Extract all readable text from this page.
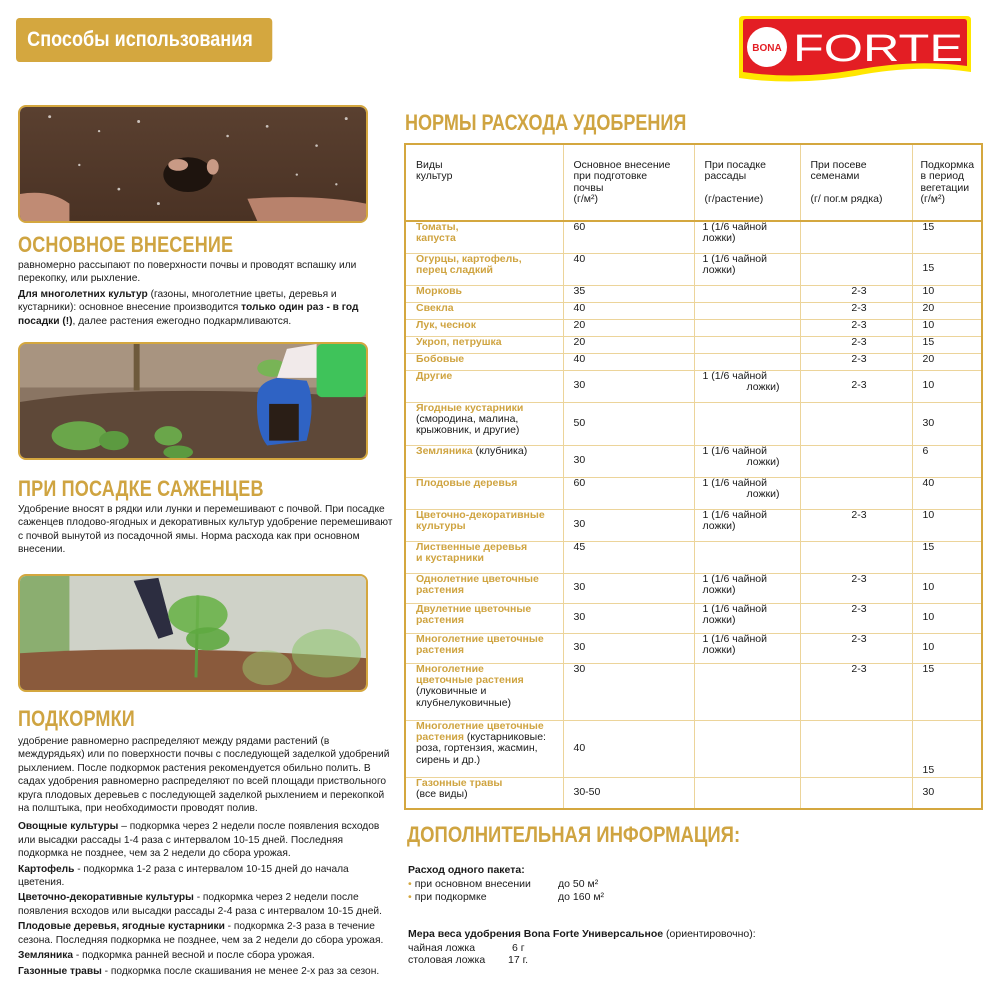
Способы использования	BONA FORTE
ОСНОВНОЕ ВНЕСЕНИЕ

равномерно рассыпают по поверхности почвы и проводят вспашку или перекопку, или рыхление.

Для многолетних культур (газоны, многолетние цветы, деревья и кустарники): основное внесение производится только один раз - в год посадки (!), далее растения ежегодно подкармливаются.

ПРИ ПОСАДКЕ САЖЕНЦЕВ

Удобрение вносят в рядки или лунки и перемешивают с почвой. При посадке саженцев плодово-ягодных и декоративных культур удобрение перемешивают с почвой вынутой из посадочной ямы. Норма расхода как при основном внесении.

ПОДКОРМКИ

удобрение равномерно распределяют между рядами растений (в междурядьях) или по поверхности почвы с последующей заделкой удобрений рыхлением. После подкормок растения рекомендуется обильно полить. В садах удобрения равномерно распределяют по всей площади приствольного круга плодовых деревьев с последующей заделкой рыхлением и перекопкой на полштыка, при необходимости проводят полив.

Овощные культуры – подкормка через 2 недели после появления всходов или высадки рассады 1-4 раза с интервалом 10-15 дней. Последняя подкормка не позднее, чем за 2 недели до сбора урожая.

Картофель - подкормка 1-2 раза с интервалом 10-15 дней до начала цветения.

Цветочно-декоративные культуры - подкормка через 2 недели после появления всходов или высадки рассады 2-4 раза с интервалом 10-15 дней.

Плодовые деревья, ягодные кустарники - подкормка 2-3 раза в течение сезона. Последняя подкормка не позднее, чем за 2 недели до сбора урожая.

Земляника - подкормка ранней весной и после сбора урожая.

Газонные травы - подкормка после скашивания не менее 2-х раз за сезон.

НОРМЫ РАСХОДА УДОБРЕНИЯ
Виды
культур	Основное внесение
при подготовке
почвы
(г/м²)	При посадке
рассады

(г/растение)	При посеве
семенами

(г/ пог.м рядка)	Подкормка
в период
вегетации
(г/м²)
Томаты,
капуста	60	1 (1/6 чайной
ложки)		15
Огурцы, картофель,
перец сладкий	40	1 (1/6 чайной
ложки)		15
Морковь	35		2-3	10
Свекла	40		2-3	20
Лук, чеснок	20		2-3	10
Укроп, петрушка	20		2-3	15
Бобовые	40		2-3	20
Другие	30	1 (1/6 чайной
ложки)	2-3	10
Ягодные кустарники
(смородина, малина, крыжовник, и другие)	50			30
Земляника (клубника)	30	1 (1/6 чайной
ложки)		6
Плодовые деревья	60	1 (1/6 чайной
ложки)		40
Цветочно-декоративные
культуры	30	1 (1/6 чайной
ложки)	2-3	10
Лиственные деревья
и кустарники	45			15
Однолетние цветочные
растения	30	1 (1/6 чайной
ложки)	2-3	10
Двулетние цветочные
растения	30	1 (1/6 чайной
ложки)	2-3	10
Многолетние цветочные
растения	30	1 (1/6 чайной
ложки)	2-3	10
Многолетние
цветочные растения
(луковичные и клубнелуковичные)	30		2-3	15
Многолетние цветочные
растения (кустарниковые: роза, гортензия, жасмин, сирень и др.)	40			15
Газонные травы
(все виды)	30-50			30
ДОПОЛНИТЕЛЬНАЯ ИНФОРМАЦИЯ:
Расход одного пакета:
• при основном внесении	до 50 м²
• при подкормке	до 160 м²
Мера веса удобрения Bona Forte Универсальное (ориентировочно):
чайная ложка	6 г
столовая ложка	17 г.
